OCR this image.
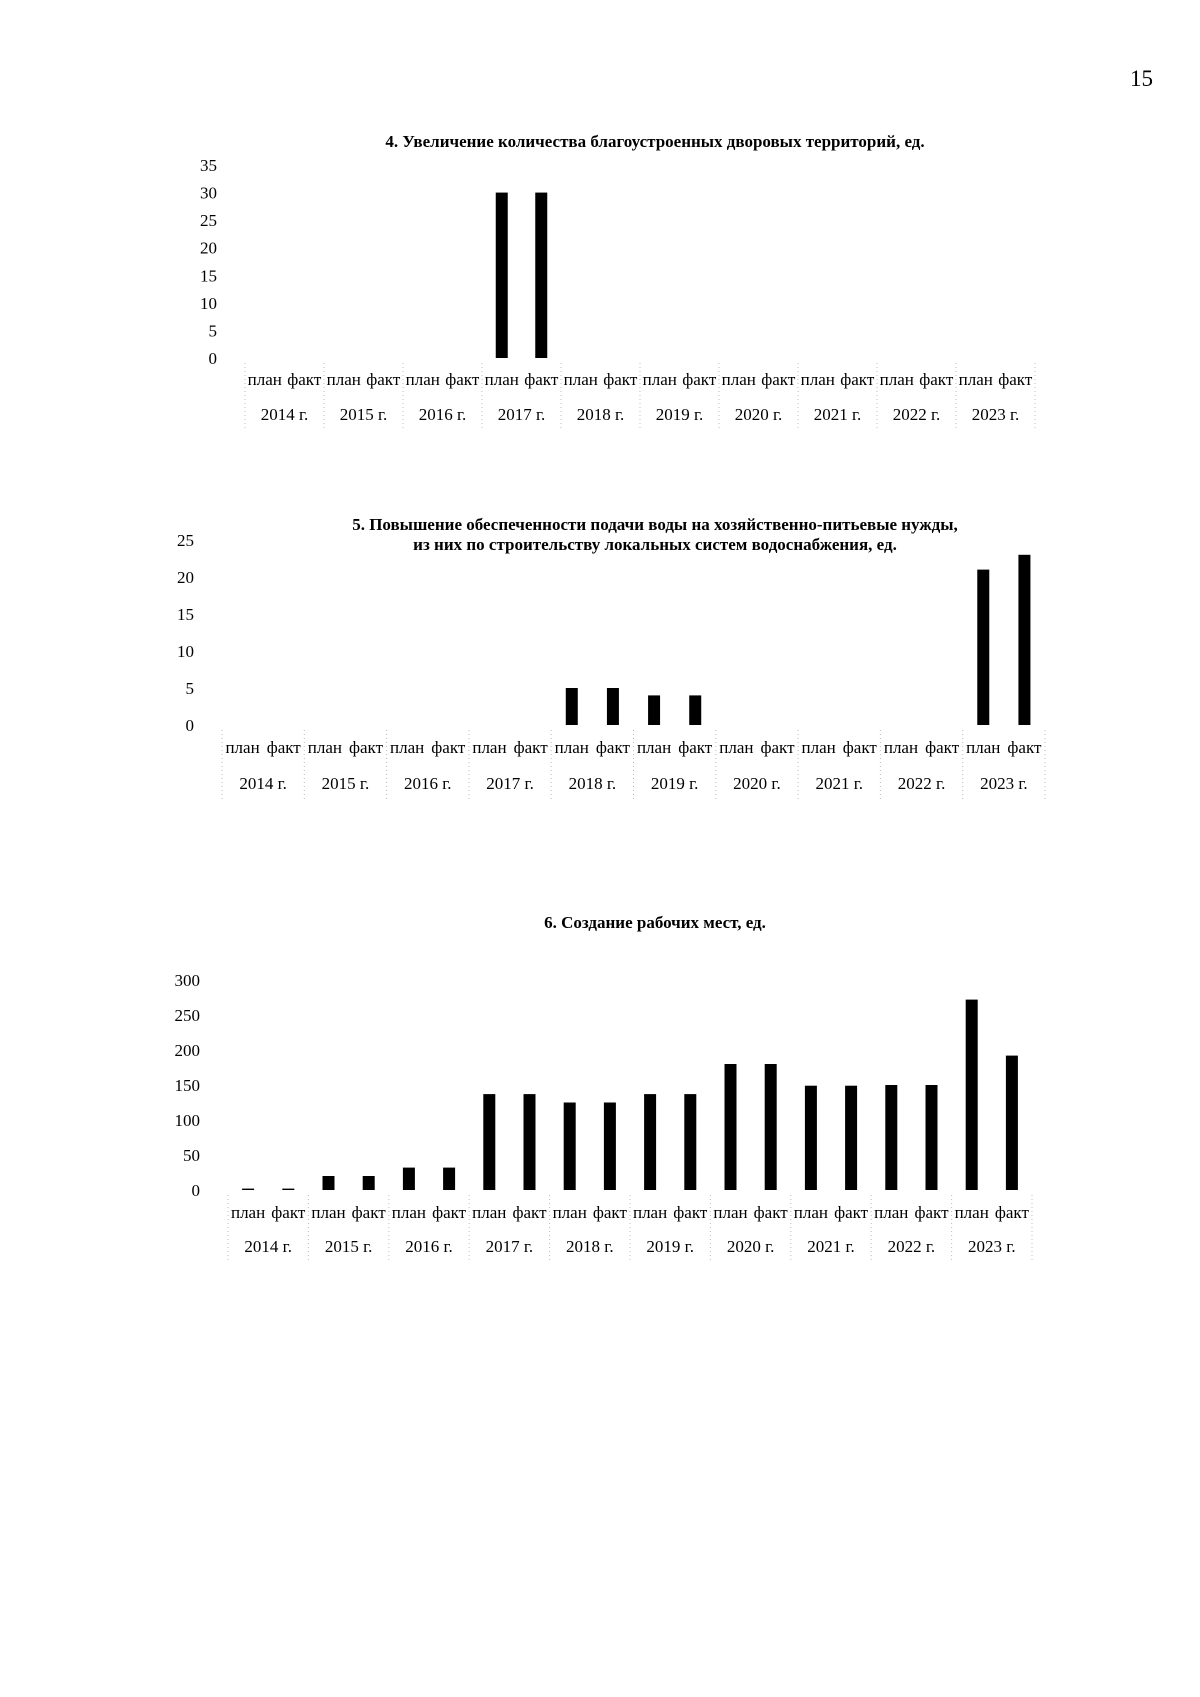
15
4. Увеличение количества благоустроенных дворовых территорий, ед.
0
5
10
15
20
25
30
35
план факт
2014 г.
план факт
2015 г.
план факт
2016 г.
план факт
2017 г.
план факт
2018 г.
план факт
2019 г.
план факт
2020 г.
план факт
2021 г.
план факт
2022 г.
план факт
2023 г.
5. Повышение обеспеченности подачи воды на хозяйственно-питьевые нужды,
из них по строительству локальных систем водоснабжения, ед.
0
5
10
15
20
25
план факт
2014 г.
план факт
2015 г.
план факт
2016 г.
план факт
2017 г.
план факт
2018 г.
план факт
2019 г.
план факт
2020 г.
план факт
2021 г.
план факт
2022 г.
план факт
2023 г.
6. Создание рабочих мест, ед.
0
50
100
150
200
250
300
план факт
2014 г.
план факт
2015 г.
план факт
2016 г.
план факт
2017 г.
план факт
2018 г.
план факт
2019 г.
план факт
2020 г.
план факт
2021 г.
план факт
2022 г.
план факт
2023 г.
